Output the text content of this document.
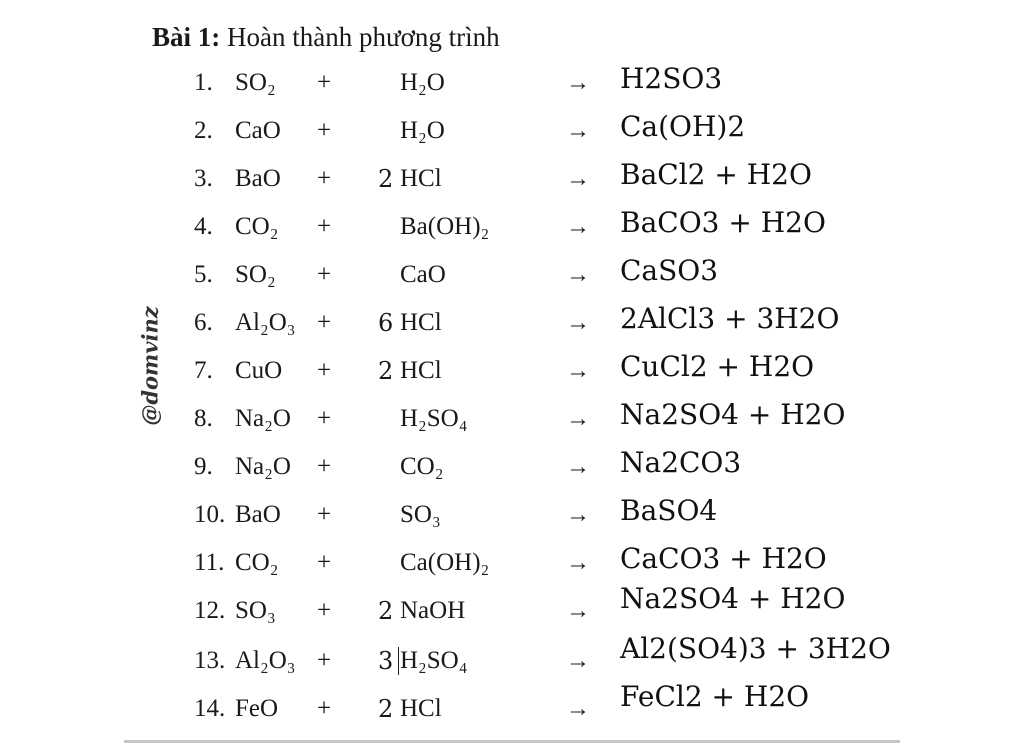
Bài 1: Hoàn thành phương trình
@domvinz
1. SO₂ +	H₂O	→ H2SO3
2. CaO +	H₂O	→ Ca(OH)2
3. BaO + 2 HCl	→ BaCl2 + H2O
4. CO₂ +	Ba(OH)₂	→ BaCO3 + H2O
5. SO₂ +	CaO	→ CaSO3
6. Al₂O₃ + 6 HCl	→ 2AlCl3 + 3H2O
7. CuO + 2 HCl	→ CuCl2 + H2O
8. Na₂O +	H₂SO₄	→ Na2SO4 + H2O
9. Na₂O +	CO₂	→ Na2CO3
10. BaO +	SO₃	→ BaSO4
11. CO₂ +	Ca(OH)₂	→ CaCO3 + H2O
12. SO₃ + 2 NaOH	→ Na2SO4 + H2O
13. Al₂O₃ + 3 H₂SO₄	→ Al2(SO4)3 + 3H2O
14. FeO + 2 HCl	→ FeCl2 + H2O
